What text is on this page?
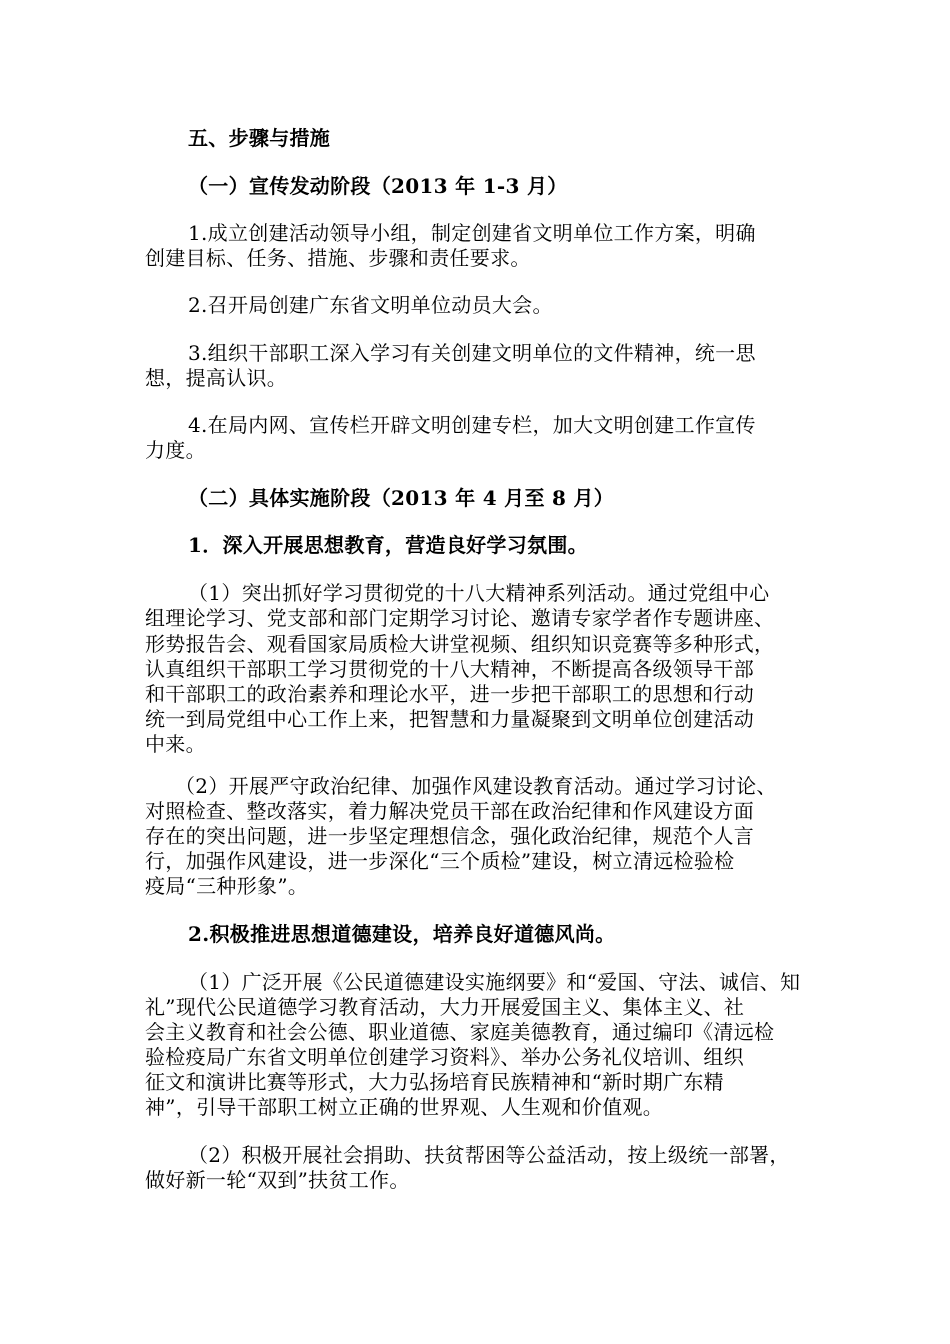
五、步骤与措施
（一）宣传发动阶段（2013 年 1-3 月）
1.成立创建活动领导小组，制定创建省文明单位工作方案，明确
创建目标、任务、措施、步骤和责任要求。
2.召开局创建广东省文明单位动员大会。
3.组织干部职工深入学习有关创建文明单位的文件精神，统一思
想，提高认识。
4.在局内网、宣传栏开辟文明创建专栏，加大文明创建工作宣传
力度。
（二）具体实施阶段（2013 年 4 月至 8 月）
1．深入开展思想教育，营造良好学习氛围。
（1）突出抓好学习贯彻党的十八大精神系列活动。通过党组中心
组理论学习、党支部和部门定期学习讨论、邀请专家学者作专题讲座、
形势报告会、观看国家局质检大讲堂视频、组织知识竞赛等多种形式，
认真组织干部职工学习贯彻党的十八大精神，不断提高各级领导干部
和干部职工的政治素养和理论水平，进一步把干部职工的思想和行动
统一到局党组中心工作上来，把智慧和力量凝聚到文明单位创建活动
中来。
（2）开展严守政治纪律、加强作风建设教育活动。通过学习讨论、
对照检查、整改落实，着力解决党员干部在政治纪律和作风建设方面
存在的突出问题，进一步坚定理想信念，强化政治纪律，规范个人言
行，加强作风建设，进一步深化“三个质检”建设，树立清远检验检
疫局“三种形象”。
2.积极推进思想道德建设，培养良好道德风尚。
（1）广泛开展《公民道德建设实施纲要》和“爱国、守法、诚信、知
礼”现代公民道德学习教育活动，大力开展爱国主义、集体主义、社
会主义教育和社会公德、职业道德、家庭美德教育，通过编印《清远检
验检疫局广东省文明单位创建学习资料》、举办公务礼仪培训、组织
征文和演讲比赛等形式，大力弘扬培育民族精神和“新时期广东精
神”，引导干部职工树立正确的世界观、人生观和价值观。
（2）积极开展社会捐助、扶贫帮困等公益活动，按上级统一部署，
做好新一轮“双到”扶贫工作。
